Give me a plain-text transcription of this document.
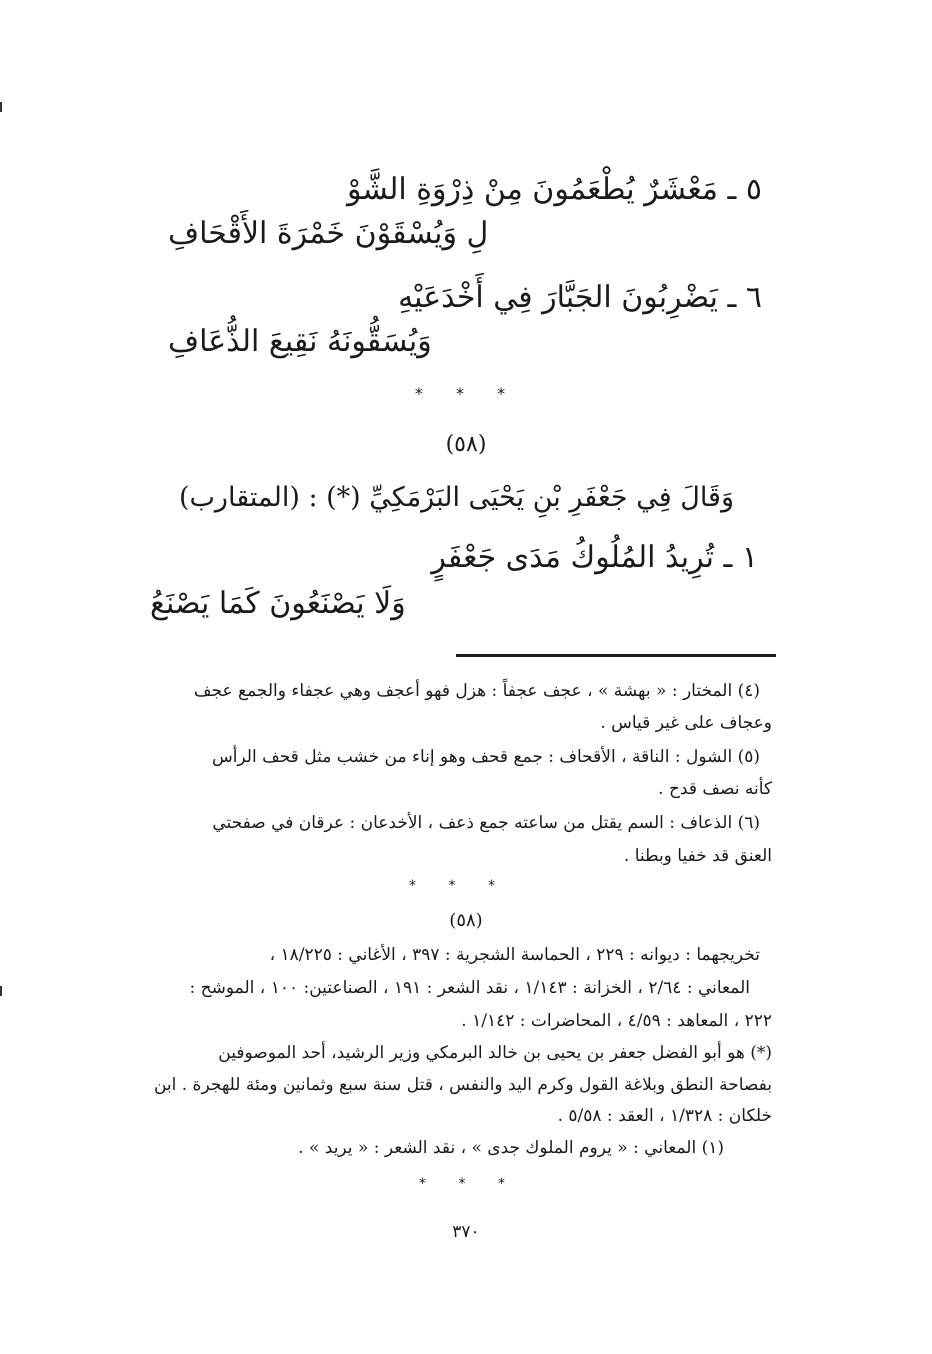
٥ ـ مَعْشَرٌ يُطْعَمُونَ مِنْ ذِرْوَةِ الشَّوْ
لِ وَيُسْقَوْنَ خَمْرَةَ الأَقْحَافِ
٦ ـ يَضْرِبُونَ الجَبَّارَ فِي أَخْدَعَيْهِ
وَيُسَقُّونَهُ نَقِيعَ الذُّعَافِ
* * *
(٥٨)
وَقَالَ فِي جَعْفَرِ بْنِ يَحْيَى البَرْمَكِيِّ (*) : (المتقارب)
١ ـ تُرِيدُ المُلُوكُ مَدَى جَعْفَرٍ
وَلَا يَصْنَعُونَ كَمَا يَصْنَعُ
(٤) المختار : « بهشة » ، عجف عجفاً : هزل فهو أعجف وهي عجفاء والجمع عجف
وعجاف على غير قياس .
(٥) الشول : الناقة ، الأقحاف : جمع قحف وهو إناء من خشب مثل قحف الرأس
كأنه نصف قدح .
(٦) الذعاف : السم يقتل من ساعته جمع ذعف ، الأخدعان : عرقان في صفحتي
العنق قد خفيا وبطنا .
* * *
(٥٨)
تخريجهما : ديوانه : ٢٢٩ ، الحماسة الشجرية : ٣٩٧ ، الأغاني : ١٨/٢٢٥ ،
المعاني : ٢/٦٤ ، الخزانة : ١/١٤٣ ، نقد الشعر : ١٩١ ، الصناعتين: ١٠٠ ، الموشح :
٢٢٢ ، المعاهد : ٤/٥٩ ، المحاضرات : ١/١٤٢ .
(*) هو أبو الفضل جعفر بن يحيى بن خالد البرمكي وزير الرشيد، أحد الموصوفين
بفصاحة النطق وبلاغة القول وكرم اليد والنفس ، قتل سنة سبع وثمانين ومئة للهجرة . ابن
خلكان : ١/٣٢٨ ، العقد : ٥/٥٨ .
(١) المعاني : « يروم الملوك جدى » ، نقد الشعر : « يريد » .
* * *
٣٧٠
